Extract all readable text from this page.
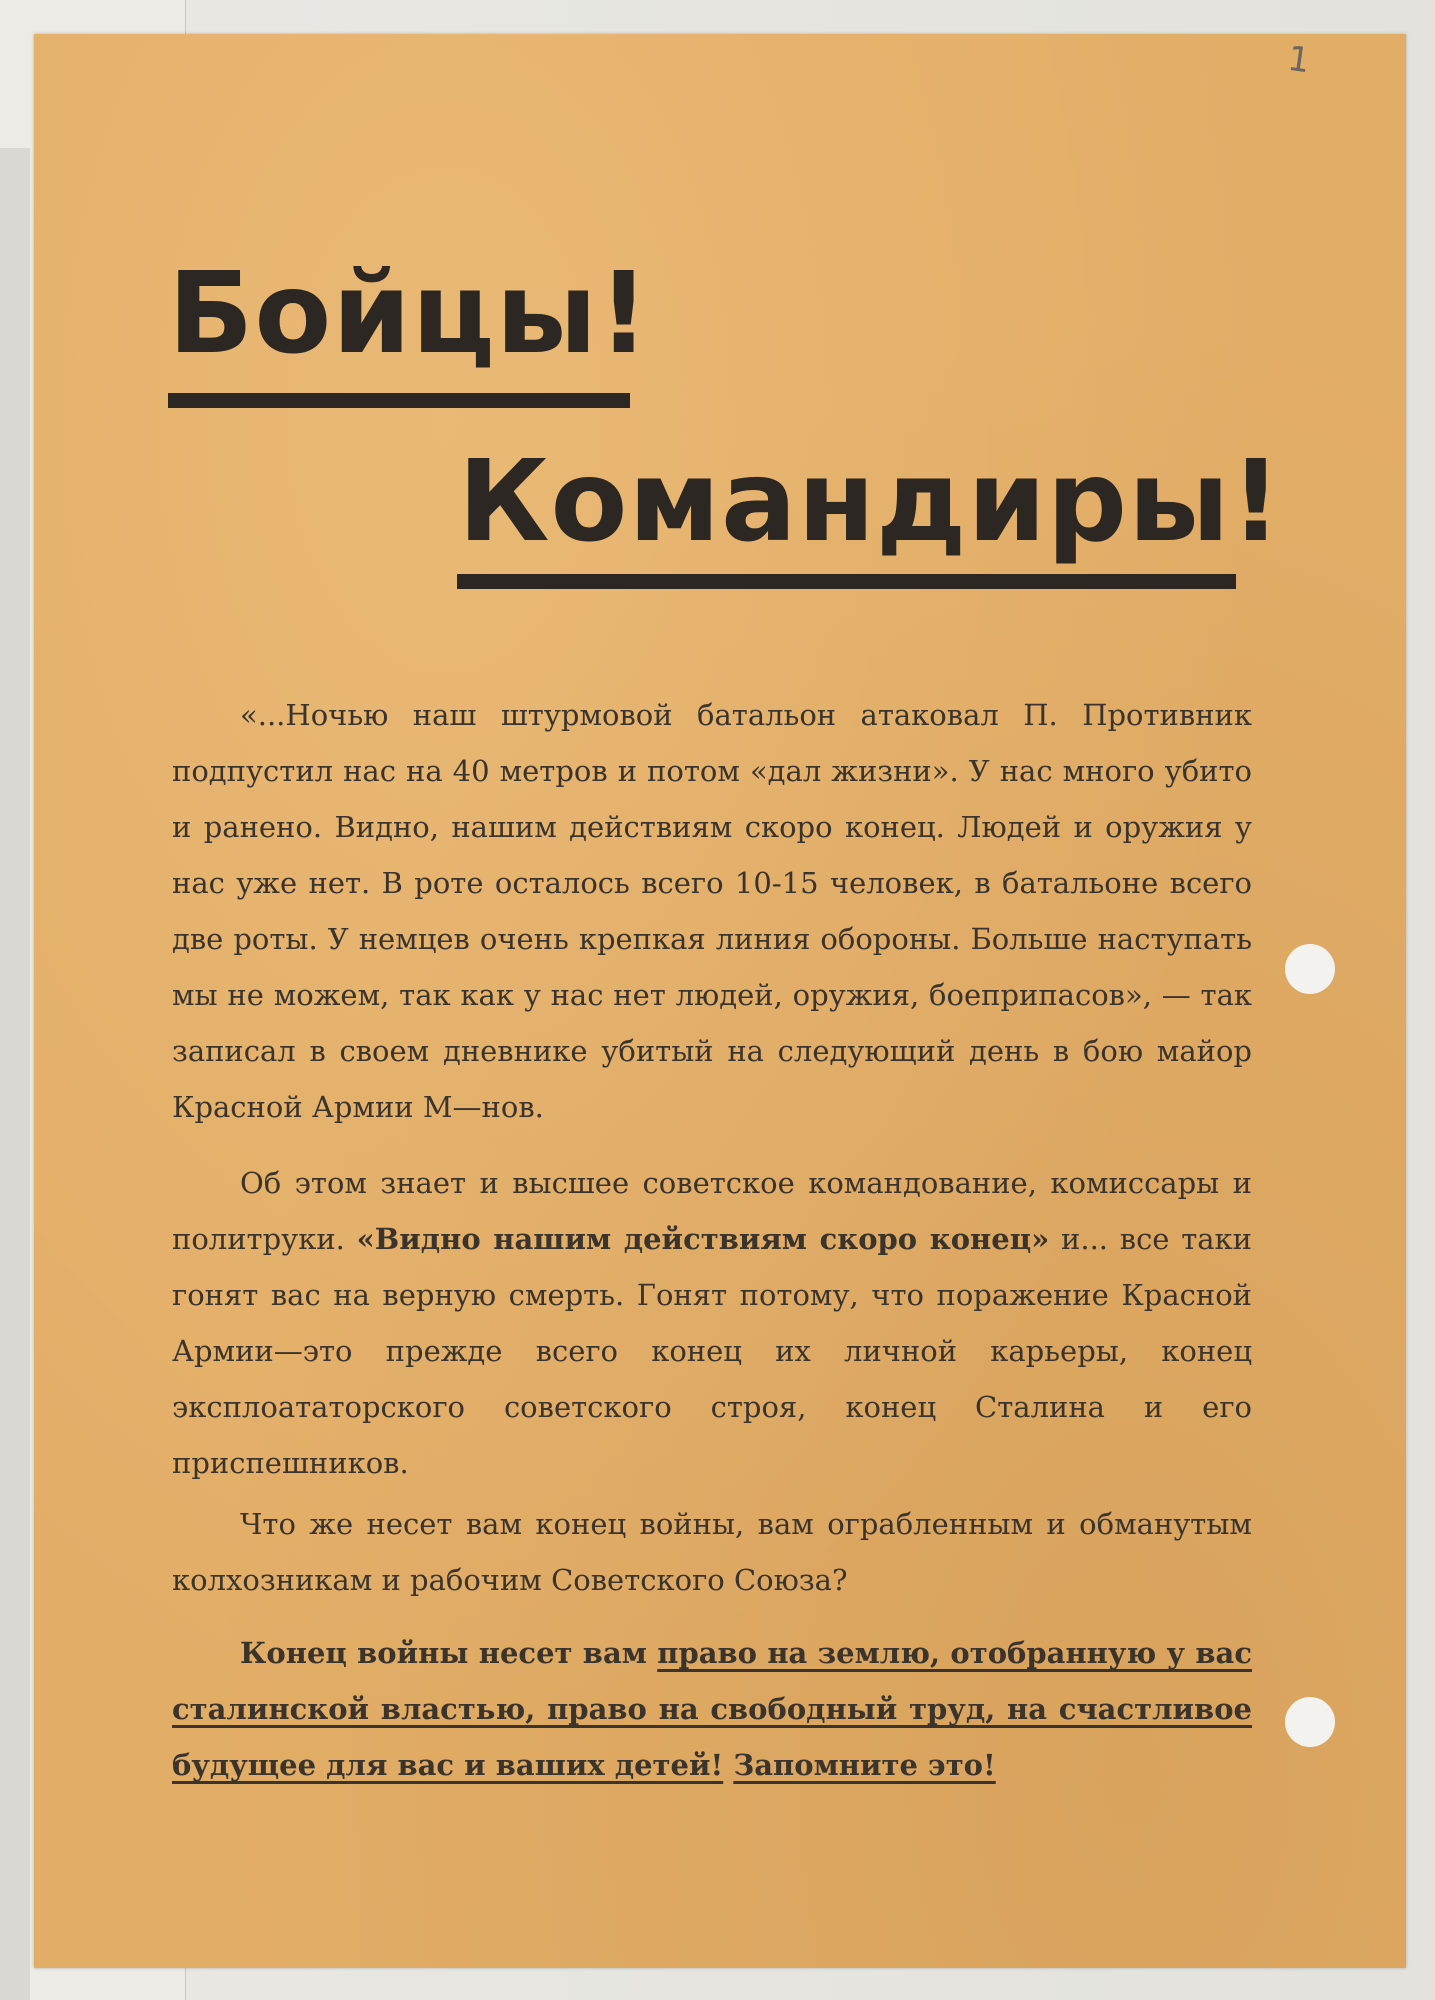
1
Бойцы!
Командиры!

«...Ночью наш штурмовой батальон атаковал П. Противник подпустил нас на 40 метров и потом «дал жизни». У нас много убито и ранено. Видно, нашим действиям скоро конец. Людей и оружия у нас уже нет. В роте осталось всего 10-15 человек, в батальоне всего две роты. У немцев очень крепкая линия обороны. Больше наступать мы не можем, так как у нас нет людей, оружия, боеприпасов», — так записал в своем дневнике убитый на следующий день в бою майор Красной Армии М—нов.

Об этом знает и высшее советское командование, комиссары и политруки. «Видно нашим действиям скоро конец» и... все таки гонят вас на верную смерть. Гонят потому, что поражение Красной Армии—это прежде всего конец их личной карьеры, конец эксплоататорского советского строя, конец Сталина и его приспешников.

Что же несет вам конец войны, вам ограбленным и обманутым колхозникам и рабочим Советского Союза?

Конец войны несет вам право на землю, отобранную у вас сталинской властью, право на свободный труд, на счастливое будущее для вас и ваших детей! Запомните это!
